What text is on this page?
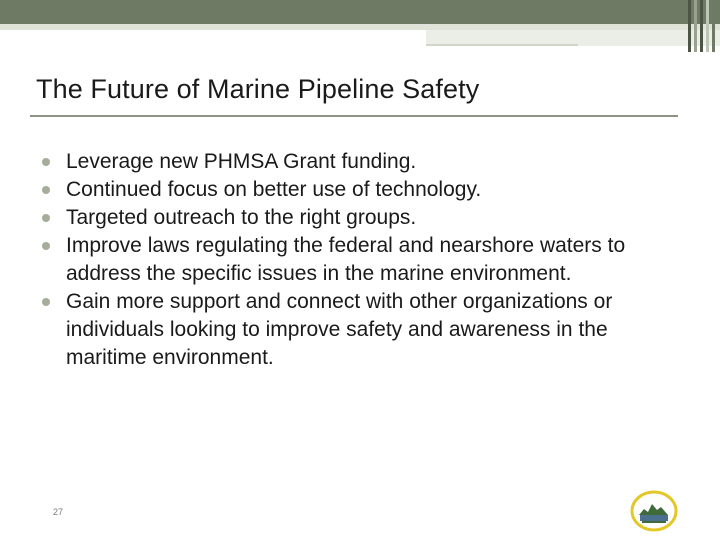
The Future of Marine Pipeline Safety
Leverage new PHMSA Grant funding.
Continued focus on better use of technology.
Targeted outreach to the right groups.
Improve laws regulating the federal and nearshore waters to address the specific issues in the marine environment.
Gain more support and connect with other organizations or individuals looking to improve safety and awareness in the maritime environment.
27
